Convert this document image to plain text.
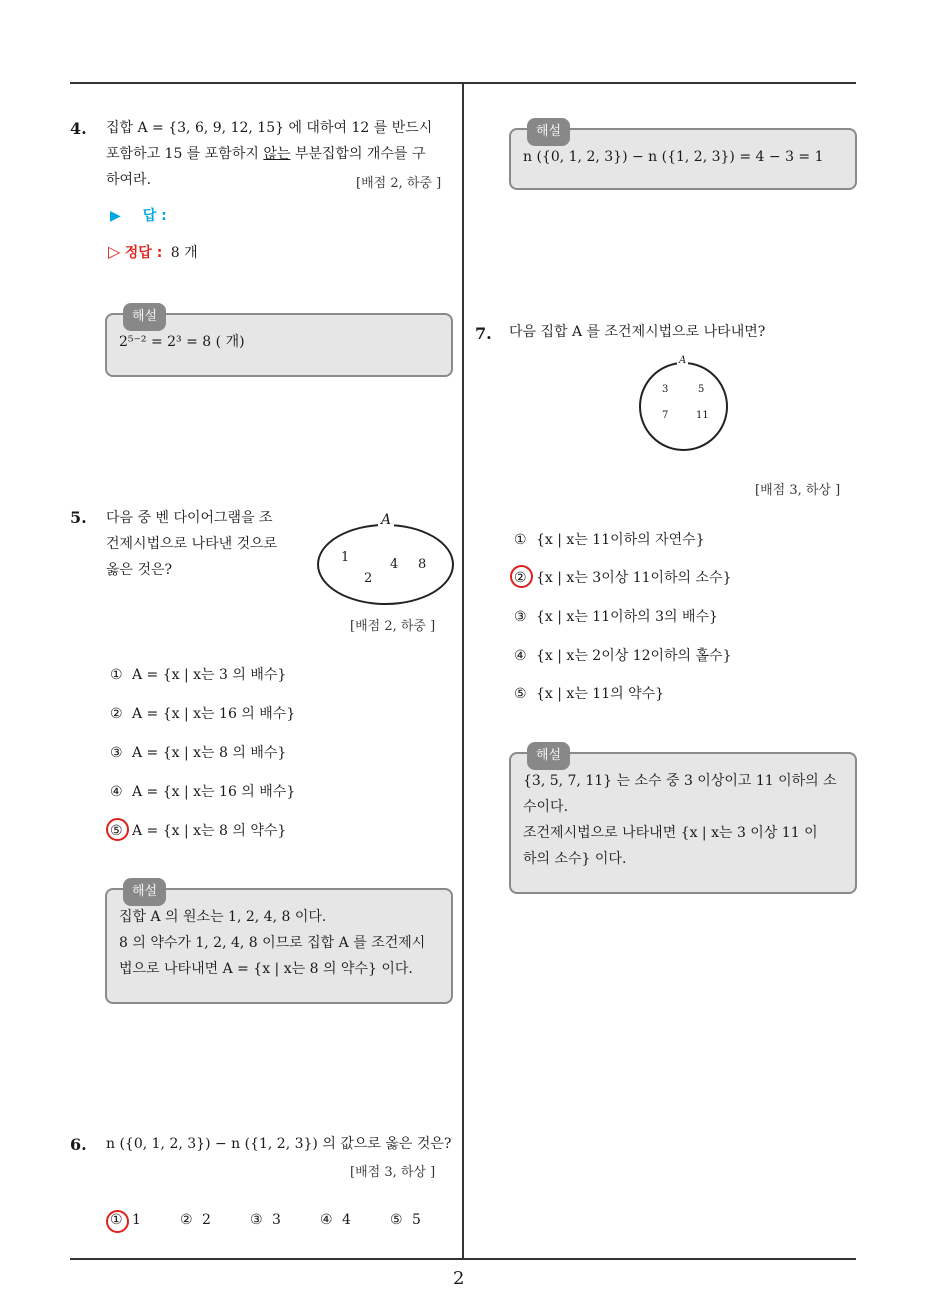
2
4. 집합 A = {3, 6, 9, 12, 15} 에 대하여 12 를 반드시
포함하고 15 를 포함하지 않는 부분집합의 개수를 구
하여라.	[배점 2, 하중 ]
▶ 답 :
▷ 정답 : 8 개
해설
2⁵⁻² = 2³ = 8 ( 개)
5. 다음 중 벤 다이어그램을 조
건제시법으로 나타낸 것으로
옳은 것은?
A
1
2
4 8
[배점 2, 하중 ]
① A = {x | x는 3 의 배수}
② A = {x | x는 16 의 배수}
③ A = {x | x는 8 의 배수}
④ A = {x | x는 16 의 배수}
⑤ A = {x | x는 8 의 약수}
해설
집합 A 의 원소는 1, 2, 4, 8 이다.
8 의 약수가 1, 2, 4, 8 이므로 집합 A 를 조건제시
법으로 나타내면 A = {x | x는 8 의 약수} 이다.
6. n ({0, 1, 2, 3}) − n ({1, 2, 3}) 의 값으로 옳은 것은?
[배점 3, 하상 ]
① 1	② 2	③ 3	④ 4	⑤ 5
해설
n ({0, 1, 2, 3}) − n ({1, 2, 3}) = 4 − 3 = 1
7. 다음 집합 A 를 조건제시법으로 나타내면?
A
3	5
7	11
[배점 3, 하상 ]
① {x | x는 11이하의 자연수}
② {x | x는 3이상 11이하의 소수}
③ {x | x는 11이하의 3의 배수}
④ {x | x는 2이상 12이하의 홀수}
⑤ {x | x는 11의 약수}
해설
{3, 5, 7, 11} 는 소수 중 3 이상이고 11 이하의 소
수이다.
조건제시법으로 나타내면 {x | x는 3 이상 11 이
하의 소수} 이다.
